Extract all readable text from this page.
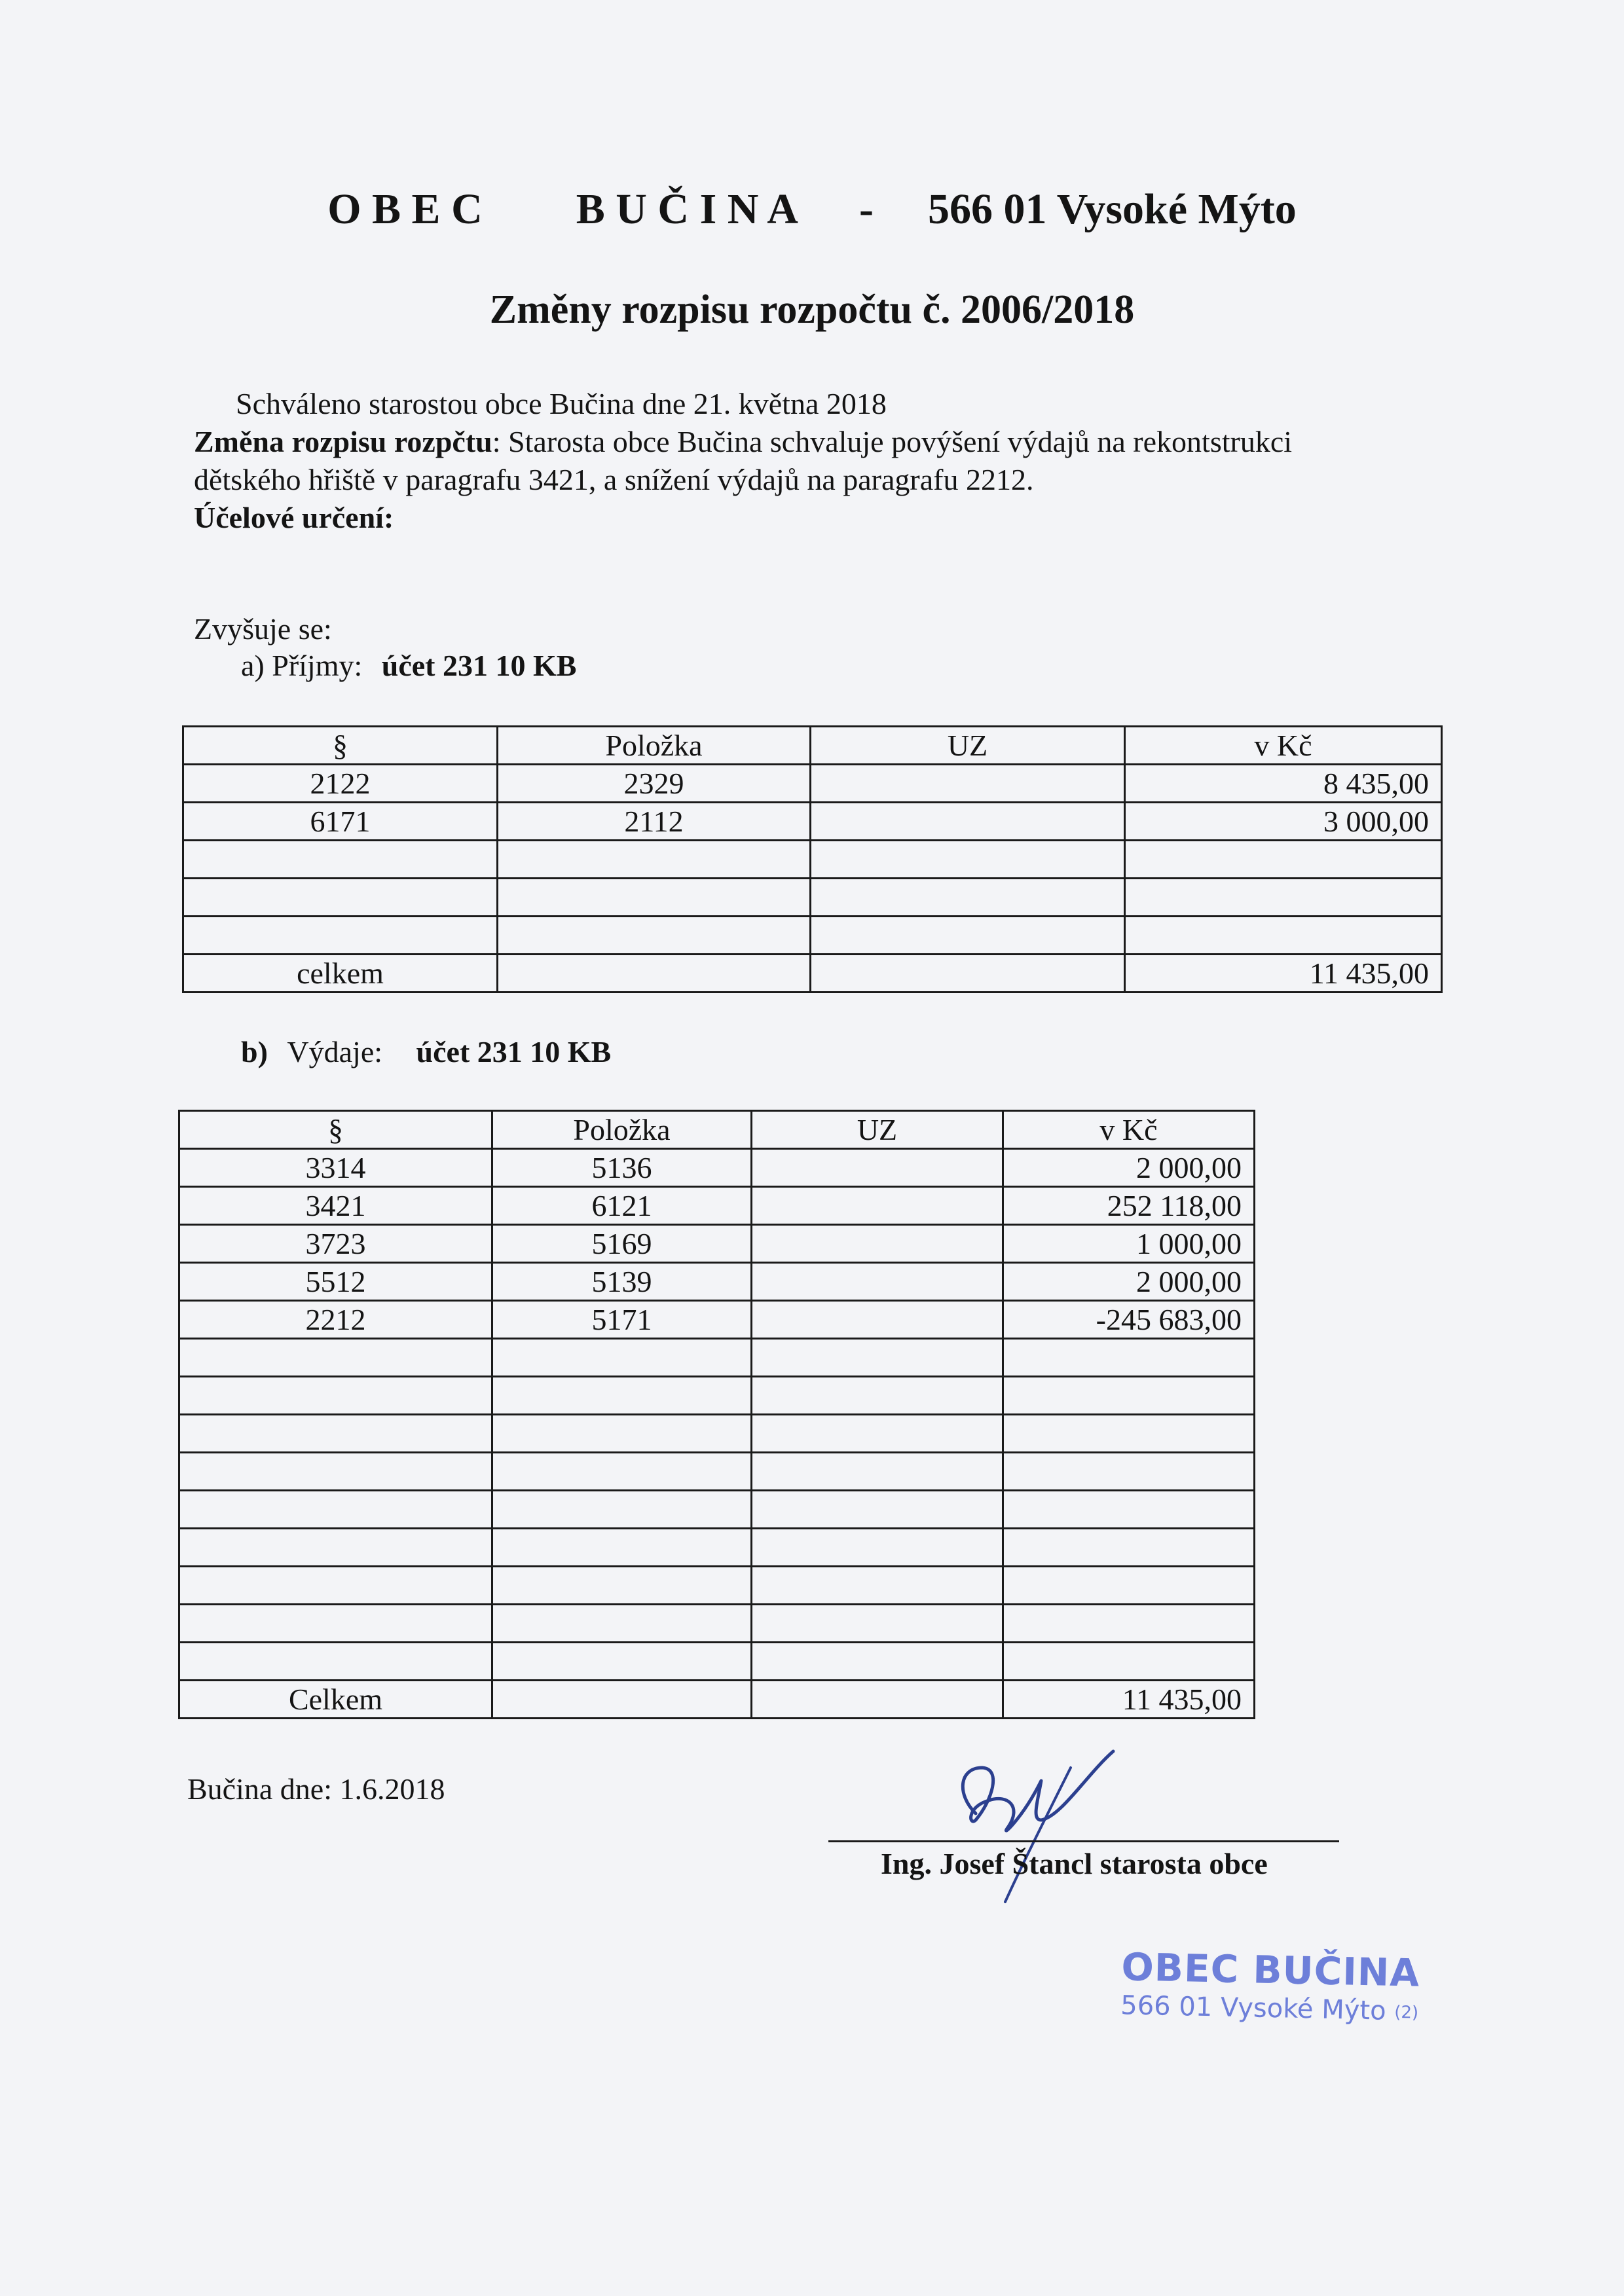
O B E C B U Č I N A - 566 01 Vysoké Mýto
Změny rozpisu rozpočtu č. 2006/2018
Schváleno starostou obce Bučina dne 21. května 2018
Změna rozpisu rozpčtu: Starosta obce Bučina schvaluje povýšení výdajů na rekontstrukci
dětského hřiště v paragrafu 3421, a snížení výdajů na paragrafu 2212.
Účelové určení:
Zvyšuje se:
a) Příjmy: účet 231 10 KB
§	Položka	UZ	v Kč
2122	2329		8 435,00
6171	2112		3 000,00

celkem			11 435,00
b) Výdaje: účet 231 10 KB
§	Položka	UZ	v Kč
3314	5136		2 000,00
3421	6121		252 118,00
3723	5169		1 000,00
5512	5139		2 000,00
2212	5171		-245 683,00

Celkem			11 435,00
Bučina dne: 1.6.2018
Ing. Josef Štancl starosta obce
OBEC BUČINA
566 01 Vysoké Mýto (2)
